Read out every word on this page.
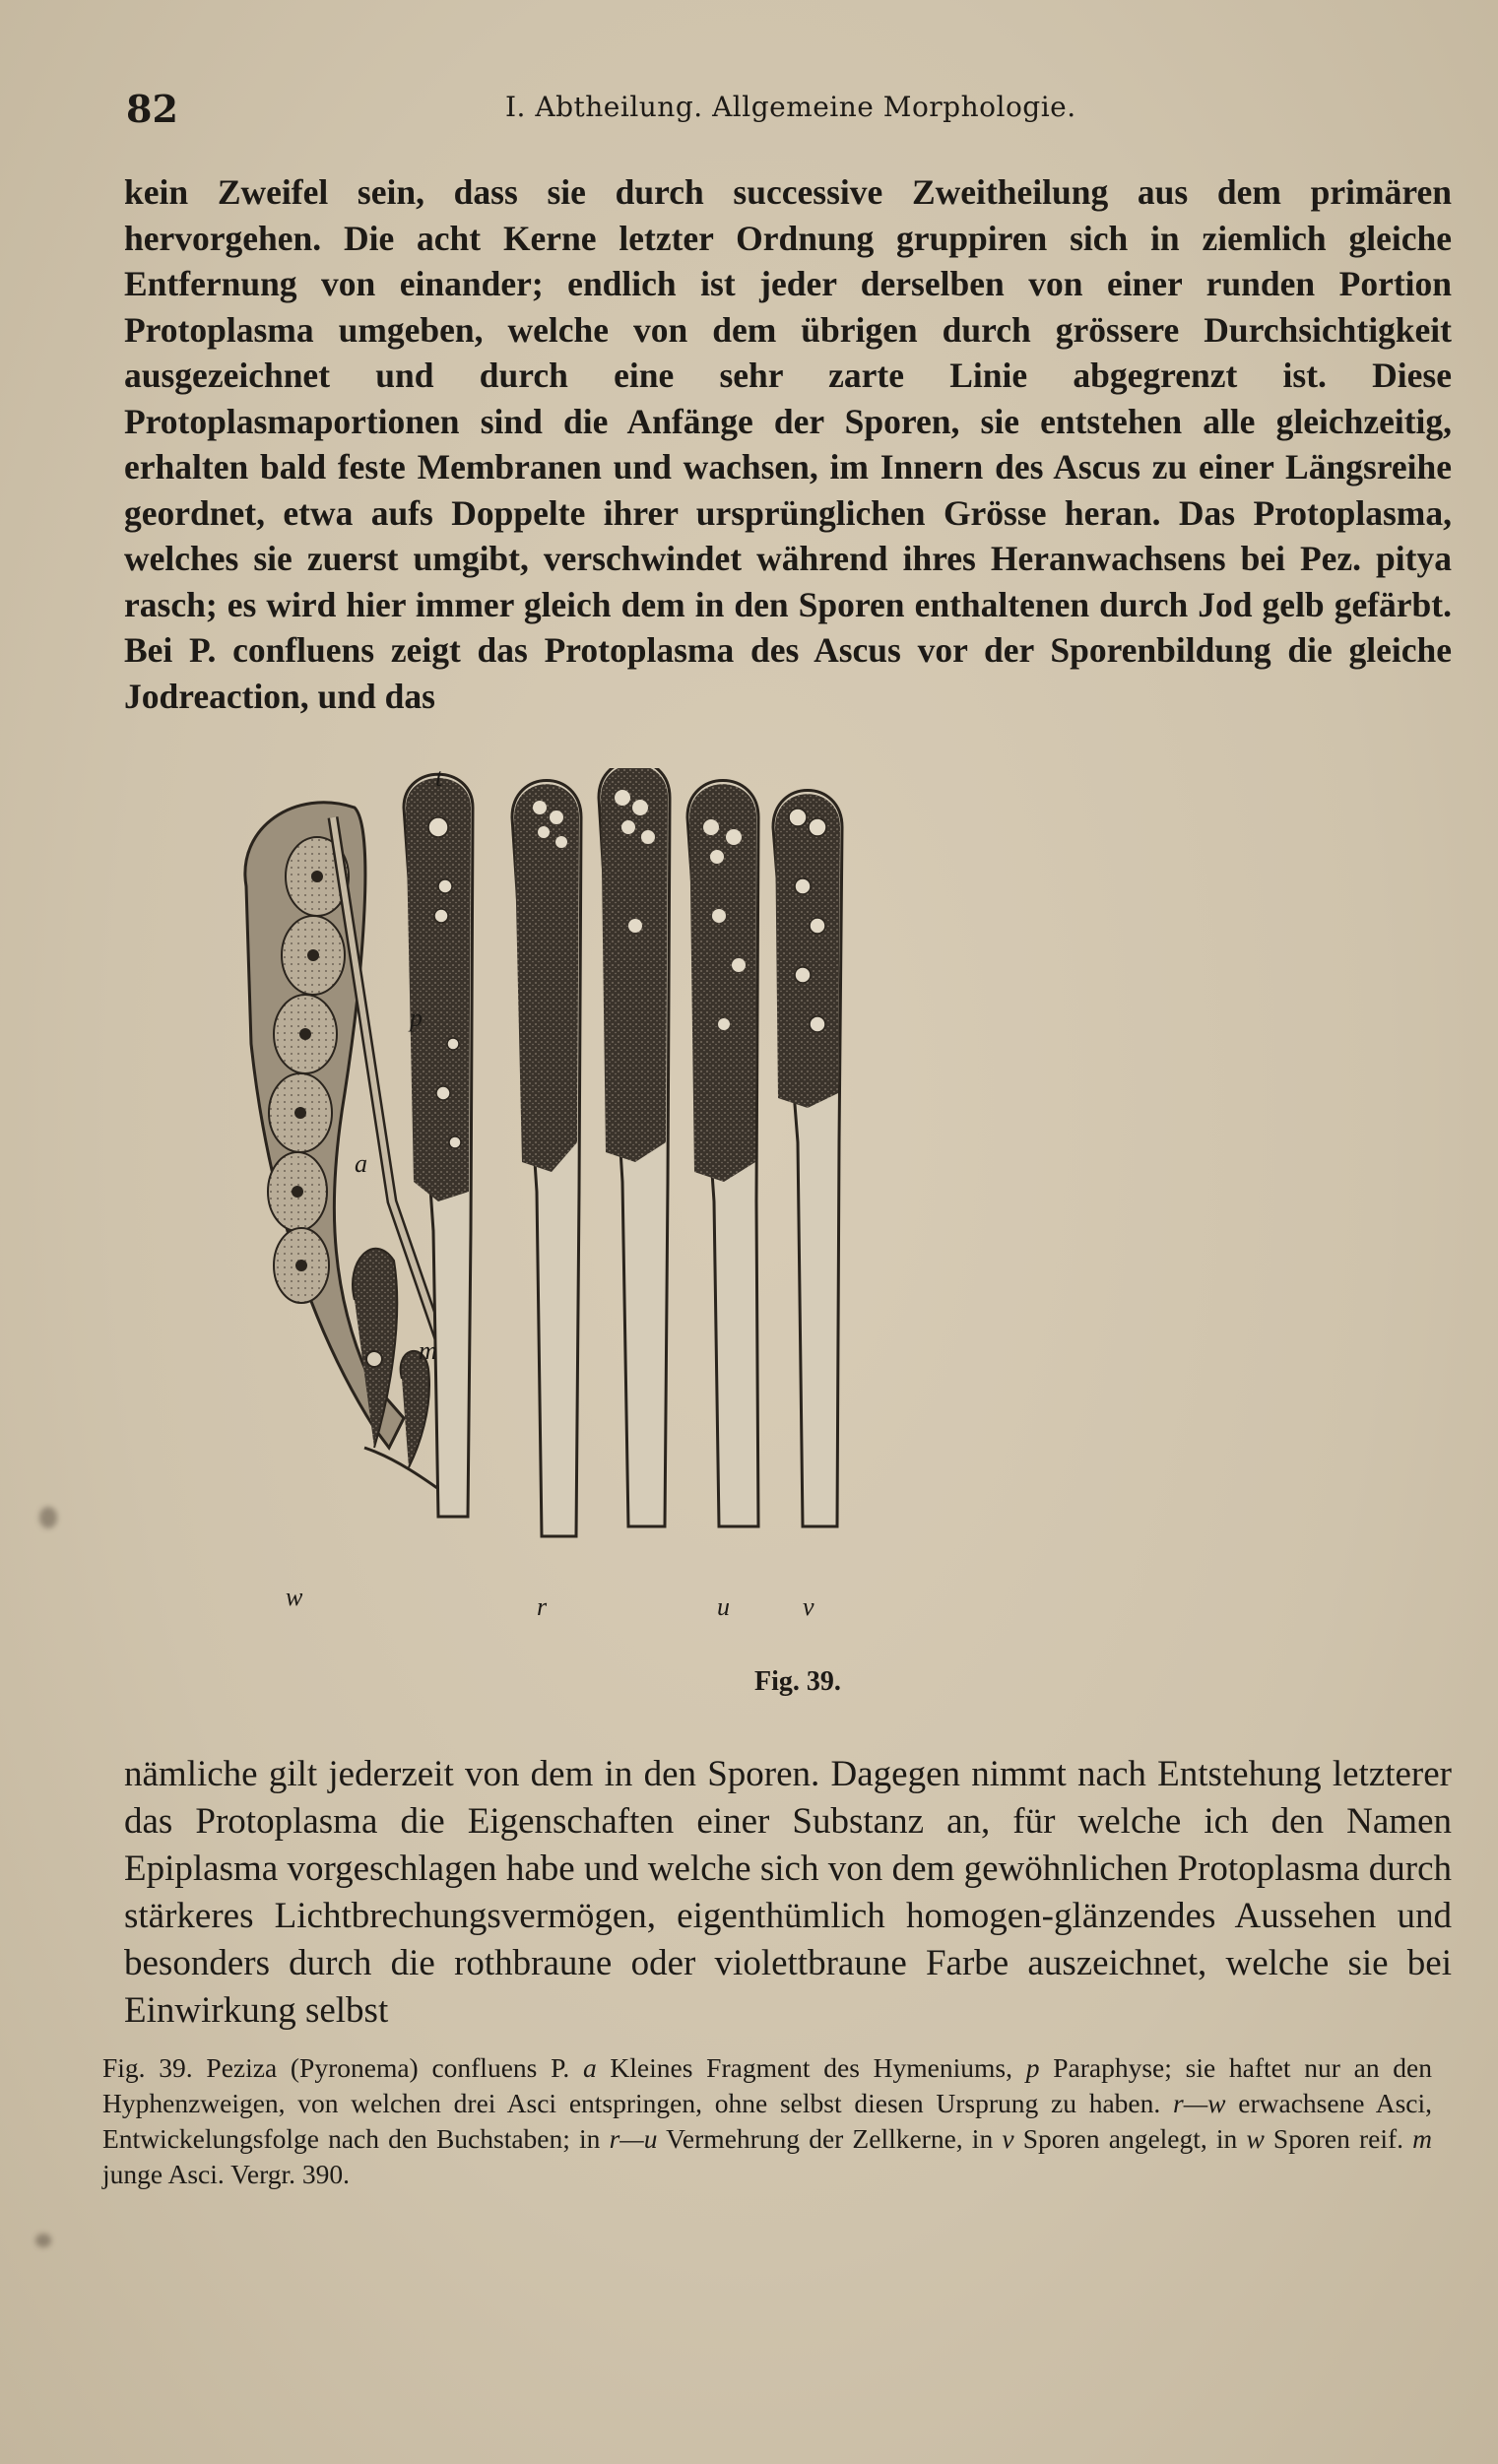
82	I. Abtheilung. Allgemeine Morphologie.
kein Zweifel sein, dass sie durch successive Zweitheilung aus dem primären hervorgehen. Die acht Kerne letzter Ordnung gruppiren sich in ziemlich gleiche Entfernung von einander; endlich ist jeder derselben von einer runden Portion Protoplasma umgeben, welche von dem übrigen durch grössere Durchsichtigkeit ausgezeichnet und durch eine sehr zarte Linie abgegrenzt ist. Diese Protoplasmaportionen sind die Anfänge der Sporen, sie entstehen alle gleichzeitig, erhalten bald feste Membranen und wachsen, im Innern des Ascus zu einer Längsreihe geordnet, etwa aufs Doppelte ihrer ursprünglichen Grösse heran. Das Protoplasma, welches sie zuerst umgibt, verschwindet während ihres Heranwachsens bei Pez. pitya rasch; es wird hier immer gleich dem in den Sporen enthaltenen durch Jod gelb gefärbt. Bei P. confluens zeigt das Protoplasma des Ascus vor der Sporenbildung die gleiche Jodreaction, und das
t
p
a
m
w	r	u	v
Fig. 39.
nämliche gilt jederzeit von dem in den Sporen. Dagegen nimmt nach Entstehung letzterer das Protoplasma die Eigenschaften einer Substanz an, für welche ich den Namen Epiplasma vorgeschlagen habe und welche sich von dem gewöhnlichen Protoplasma durch stärkeres Lichtbrechungsvermögen, eigenthümlich homogen-glänzendes Aussehen und besonders durch die rothbraune oder violettbraune Farbe auszeichnet, welche sie bei Einwirkung selbst
Fig. 39. Peziza (Pyronema) confluens P. a Kleines Fragment des Hymeniums, p Paraphyse; sie haftet nur an den Hyphenzweigen, von welchen drei Asci entspringen, ohne selbst diesen Ursprung zu haben. r—w erwachsene Asci, Entwickelungsfolge nach den Buchstaben; in r—u Vermehrung der Zellkerne, in v Sporen angelegt, in w Sporen reif. m junge Asci. Vergr. 390.
